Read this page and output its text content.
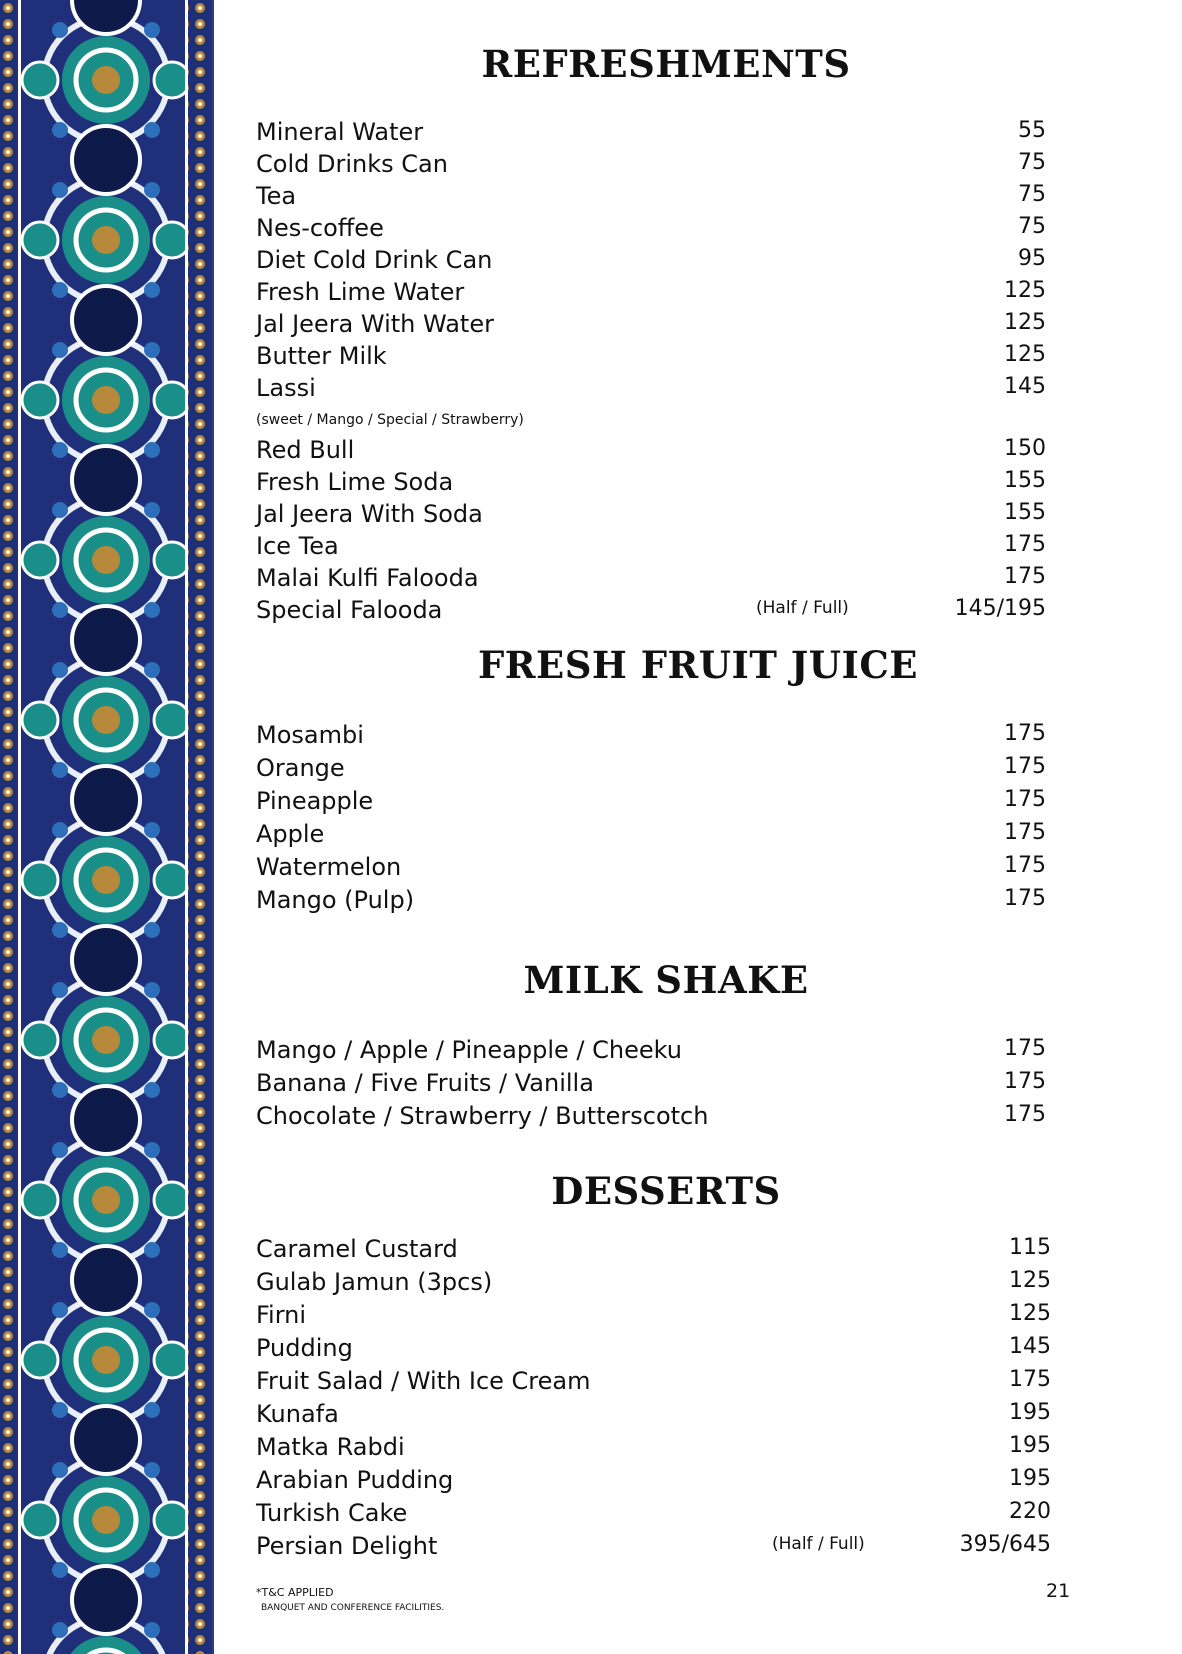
REFRESHMENTS
Mineral Water	55
Cold Drinks Can	75
Tea	75
Nes-coffee	75
Diet Cold Drink Can	95
Fresh Lime Water	125
Jal Jeera With Water	125
Butter Milk	125
Lassi	145
(sweet / Mango / Special / Strawberry)
Red Bull	150
Fresh Lime Soda	155
Jal Jeera With Soda	155
Ice Tea	175
Malai Kulfi Falooda	175
Special Falooda	(Half / Full)	145/195
FRESH FRUIT JUICE
Mosambi	175
Orange	175
Pineapple	175
Apple	175
Watermelon	175
Mango (Pulp)	175
MILK SHAKE
Mango / Apple / Pineapple / Cheeku	175
Banana / Five Fruits / Vanilla	175
Chocolate / Strawberry / Butterscotch	175
DESSERTS
Caramel Custard	115
Gulab Jamun (3pcs)	125
Firni	125
Pudding	145
Fruit Salad / With Ice Cream	175
Kunafa	195
Matka Rabdi	195
Arabian Pudding	195
Turkish Cake	220
Persian Delight	(Half / Full)	395/645
*T&C APPLIED
BANQUET AND CONFERENCE FACILITIES.
21
